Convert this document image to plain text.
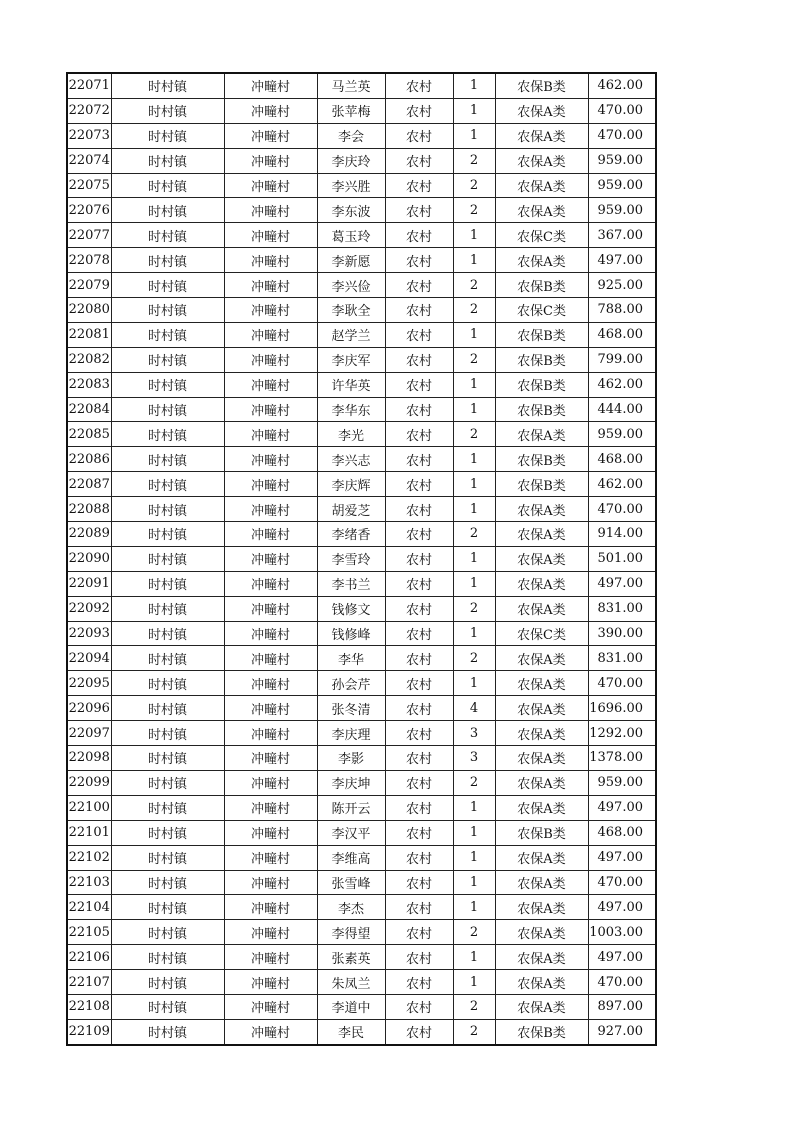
22071	时村镇	冲疃村	马兰英	农村	1	农保B类	462.00
22072	时村镇	冲疃村	张苹梅	农村	1	农保A类	470.00
22073	时村镇	冲疃村	李会	农村	1	农保A类	470.00
22074	时村镇	冲疃村	李庆玲	农村	2	农保A类	959.00
22075	时村镇	冲疃村	李兴胜	农村	2	农保A类	959.00
22076	时村镇	冲疃村	李东波	农村	2	农保A类	959.00
22077	时村镇	冲疃村	葛玉玲	农村	1	农保C类	367.00
22078	时村镇	冲疃村	李新愿	农村	1	农保A类	497.00
22079	时村镇	冲疃村	李兴俭	农村	2	农保B类	925.00
22080	时村镇	冲疃村	李耿全	农村	2	农保C类	788.00
22081	时村镇	冲疃村	赵学兰	农村	1	农保B类	468.00
22082	时村镇	冲疃村	李庆军	农村	2	农保B类	799.00
22083	时村镇	冲疃村	许华英	农村	1	农保B类	462.00
22084	时村镇	冲疃村	李华东	农村	1	农保B类	444.00
22085	时村镇	冲疃村	李光	农村	2	农保A类	959.00
22086	时村镇	冲疃村	李兴志	农村	1	农保B类	468.00
22087	时村镇	冲疃村	李庆辉	农村	1	农保B类	462.00
22088	时村镇	冲疃村	胡爱芝	农村	1	农保A类	470.00
22089	时村镇	冲疃村	李绪香	农村	2	农保A类	914.00
22090	时村镇	冲疃村	李雪玲	农村	1	农保A类	501.00
22091	时村镇	冲疃村	李书兰	农村	1	农保A类	497.00
22092	时村镇	冲疃村	钱修文	农村	2	农保A类	831.00
22093	时村镇	冲疃村	钱修峰	农村	1	农保C类	390.00
22094	时村镇	冲疃村	李华	农村	2	农保A类	831.00
22095	时村镇	冲疃村	孙会芹	农村	1	农保A类	470.00
22096	时村镇	冲疃村	张冬清	农村	4	农保A类	1696.00
22097	时村镇	冲疃村	李庆理	农村	3	农保A类	1292.00
22098	时村镇	冲疃村	李影	农村	3	农保A类	1378.00
22099	时村镇	冲疃村	李庆坤	农村	2	农保A类	959.00
22100	时村镇	冲疃村	陈开云	农村	1	农保A类	497.00
22101	时村镇	冲疃村	李汉平	农村	1	农保B类	468.00
22102	时村镇	冲疃村	李维高	农村	1	农保A类	497.00
22103	时村镇	冲疃村	张雪峰	农村	1	农保A类	470.00
22104	时村镇	冲疃村	李杰	农村	1	农保A类	497.00
22105	时村镇	冲疃村	李得望	农村	2	农保A类	1003.00
22106	时村镇	冲疃村	张素英	农村	1	农保A类	497.00
22107	时村镇	冲疃村	朱凤兰	农村	1	农保A类	470.00
22108	时村镇	冲疃村	李道中	农村	2	农保A类	897.00
22109	时村镇	冲疃村	李民	农村	2	农保B类	927.00
